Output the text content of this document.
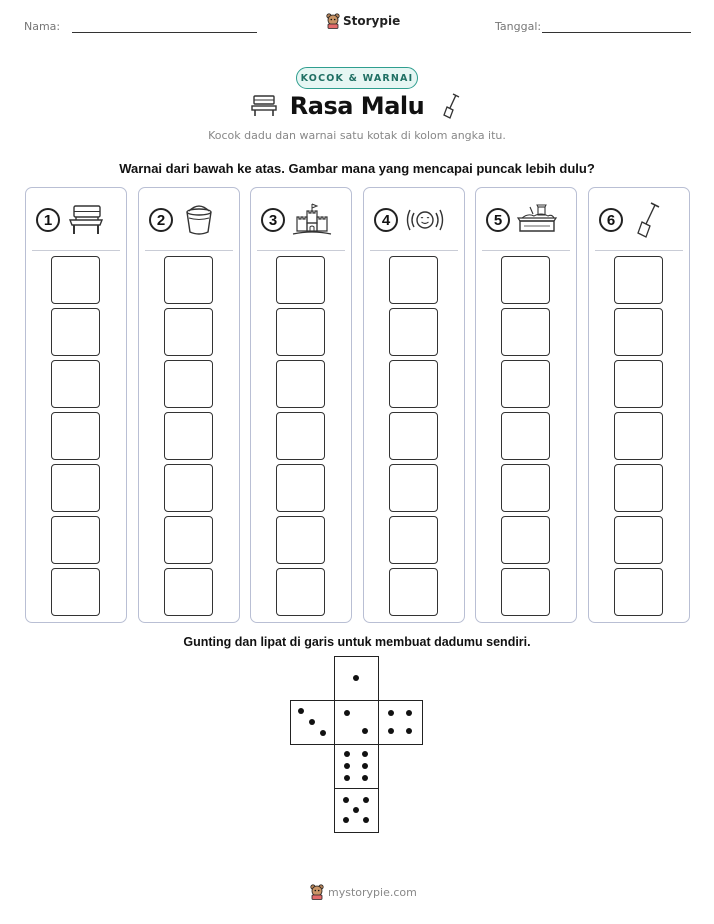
Nama:	Storypie	Tanggal:
KOCOK & WARNAI
Rasa Malu
Kocok dadu dan warnai satu kotak di kolom angka itu.
Warnai dari bawah ke atas. Gambar mana yang mencapai puncak lebih dulu?
1	2	3	4	5	6
Gunting dan lipat di garis untuk membuat dadumu sendiri.
mystorypie.com
